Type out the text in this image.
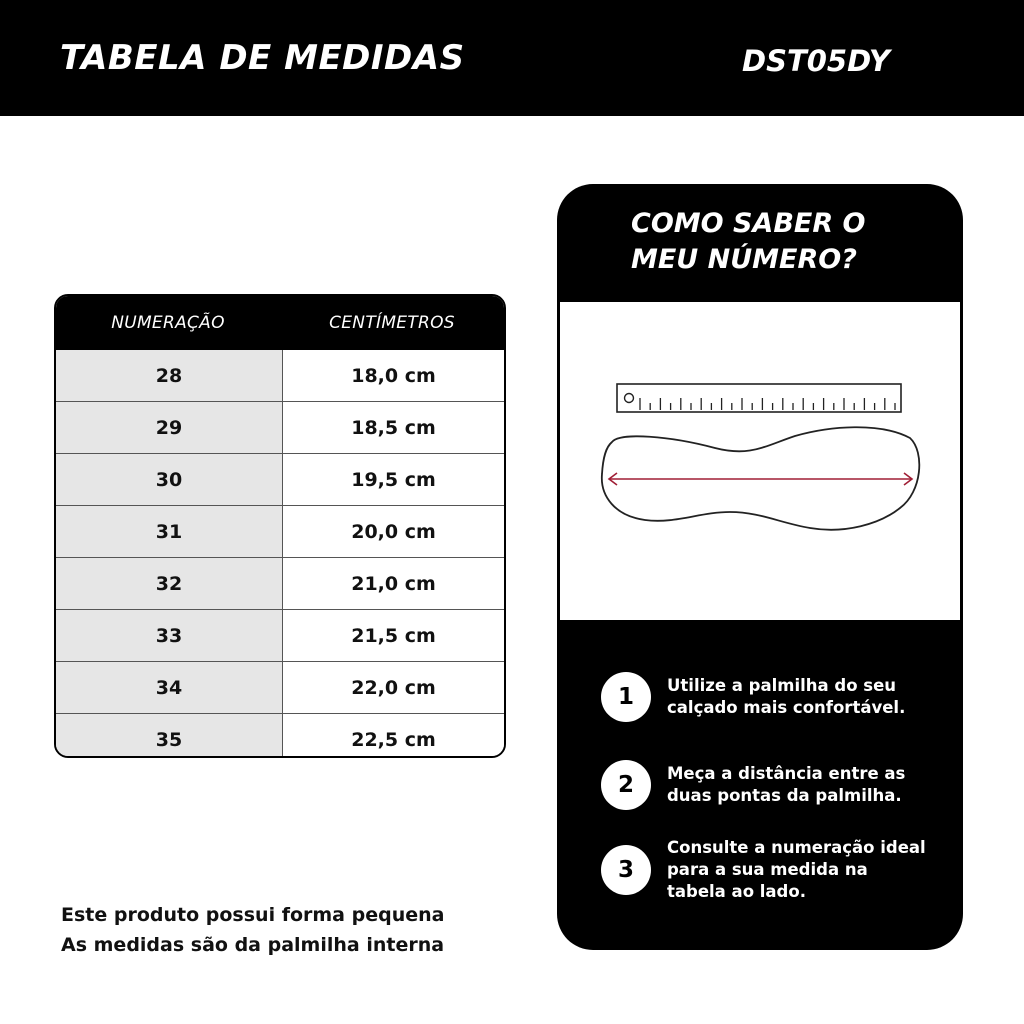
TABELA DE MEDIDAS	DST05DY
NUMERAÇÃO	CENTÍMETROS
28	18,0 cm
29	18,5 cm
30	19,5 cm
31	20,0 cm
32	21,0 cm
33	21,5 cm
34	22,0 cm
35	22,5 cm
Este produto possui forma pequena
As medidas são da palmilha interna
COMO SABER O
MEU NÚMERO?
1	Utilize a palmilha do seu
calçado mais confortável.
2	Meça a distância entre as
duas pontas da palmilha.
3
Consulte a numeração ideal
para a sua medida na
tabela ao lado.
